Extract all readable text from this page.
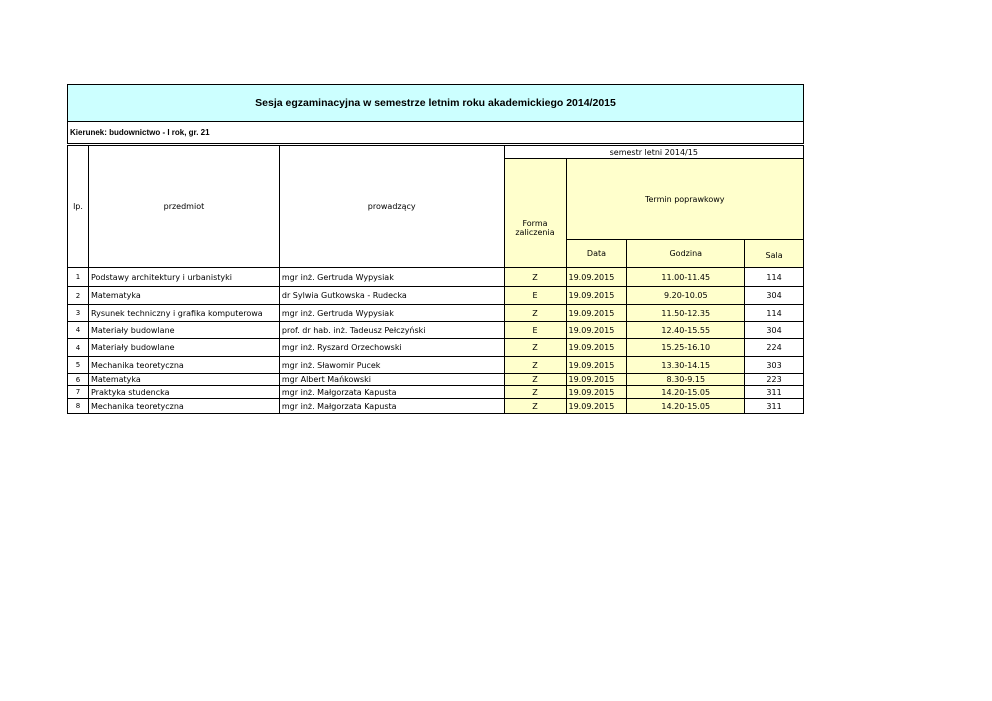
Sesja egzaminacyjna w semestrze letnim roku akademickiego 2014/2015
Kierunek: budownictwo - I rok, gr. 21
lp.	przedmiot	prowadzący	semestr letni 2014/15			

			Forma zaliczenia	Termin poprawkowy		
				Data	Godzina	Sala
1	Podstawy architektury i urbanistyki	mgr inż. Gertruda Wypysiak	Z	19.09.2015	11.00-11.45	114
2	Matematyka	dr Sylwia Gutkowska - Rudecka	E	19.09.2015	9.20-10.05	304
3	Rysunek techniczny i grafika komputerowa	mgr inż. Gertruda Wypysiak	Z	19.09.2015	11.50-12.35	114
4	Materiały budowlane	prof. dr hab. inż. Tadeusz Pełczyński	E	19.09.2015	12.40-15.55	304
4	Materiały budowlane	mgr inż. Ryszard Orzechowski	Z	19.09.2015	15.25-16.10	224
5	Mechanika teoretyczna	mgr inż. Sławomir Pucek	Z	19.09.2015	13.30-14.15	303
6	Matematyka	mgr Albert Mańkowski	Z	19.09.2015	8.30-9.15	223
7	Praktyka studencka	mgr inż. Małgorzata Kapusta	Z	19.09.2015	14.20-15.05	311
8	Mechanika teoretyczna	mgr inż. Małgorzata Kapusta	Z	19.09.2015	14.20-15.05	311
